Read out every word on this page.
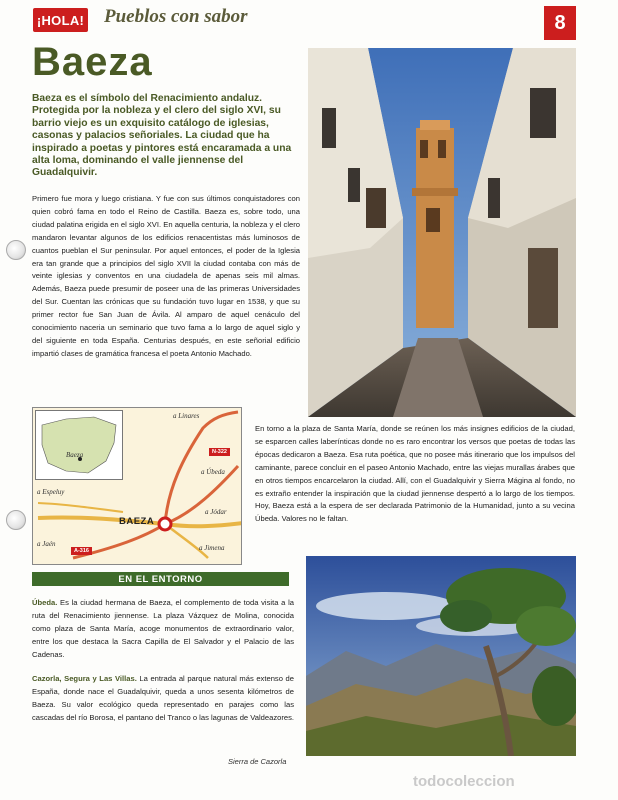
¡HOLA! Pueblos con sabor	8
Baeza
Baeza es el símbolo del Renacimiento andaluz. Protegida por la nobleza y el clero del siglo XVI, su barrio viejo es un exquisito catálogo de iglesias, casonas y palacios señoriales. La ciudad que ha inspirado a poetas y pintores está encaramada a una alta loma, dominando el valle jiennense del Guadalquivir.
Primero fue mora y luego cristiana. Y fue con sus últimos conquistadores con quien cobró fama en todo el Reino de Castilla. Baeza es, sobre todo, una ciudad palatina erigida en el siglo XVI. En aquella centuria, la nobleza y el clero mandaron levantar algunos de los edificios renacentistas más luminosos de cuantos pueblan el Sur peninsular. Por aquel entonces, el poder de la Iglesia era tan grande que a principios del siglo XVII la ciudad contaba con más de veinte iglesias y conventos en una ciudadela de apenas seis mil almas. Además, Baeza puede presumir de poseer una de las primeras Universidades del Sur. Cuentan las crónicas que su fundación tuvo lugar en 1538, y que su primer rector fue San Juan de Ávila. Al amparo de aquel cenáculo del conocimiento naceria un seminario que tuvo fama a lo largo de aquel siglo y del siguiente en toda España. Centurias después, en este señorial edificio impartió clases de gramática francesa el poeta Antonio Machado.
Baeza
a Linares
a Úbeda
a Jódar
a Jimena
a Espeluy
a Jaén
BAEZA
N-322
A-316
En torno a la plaza de Santa María, donde se reúnen los más insignes edificios de la ciudad, se esparcen calles laberínticas donde no es raro encontrar los versos que poetas de todas las épocas dedicaron a Baeza. Esa ruta poética, que no posee más itinerario que los impulsos del caminante, parece concluir en el paseo Antonio Machado, entre las viejas murallas árabes que en otros tiempos encarcelaron la ciudad. Allí, con el Guadalquivir y Sierra Mágina al fondo, no es extraño entender la inspiración que la ciudad jiennense despertó a lo largo de los tiempos. Hoy, Baeza está a la espera de ser declarada Patrimonio de la Humanidad, junto a su vecina Úbeda. Valores no le faltan.
EN EL ENTORNO
Úbeda. Es la ciudad hermana de Baeza, el complemento de toda visita a la ruta del Renacimiento jiennense. La plaza Vázquez de Molina, conocida como plaza de Santa María, acoge monumentos de extraordinario valor, entre los que destaca la Sacra Capilla de El Salvador y el Palacio de las Cadenas.
Cazorla, Segura y Las Villas. La entrada al parque natural más extenso de España, donde nace el Guadalquivir, queda a unos sesenta kilómetros de Baeza. Su valor ecológico queda representado en parajes como las cascadas del río Borosa, el pantano del Tranco o las lagunas de Valdeazores.
Sierra de Cazorla
todocoleccion
